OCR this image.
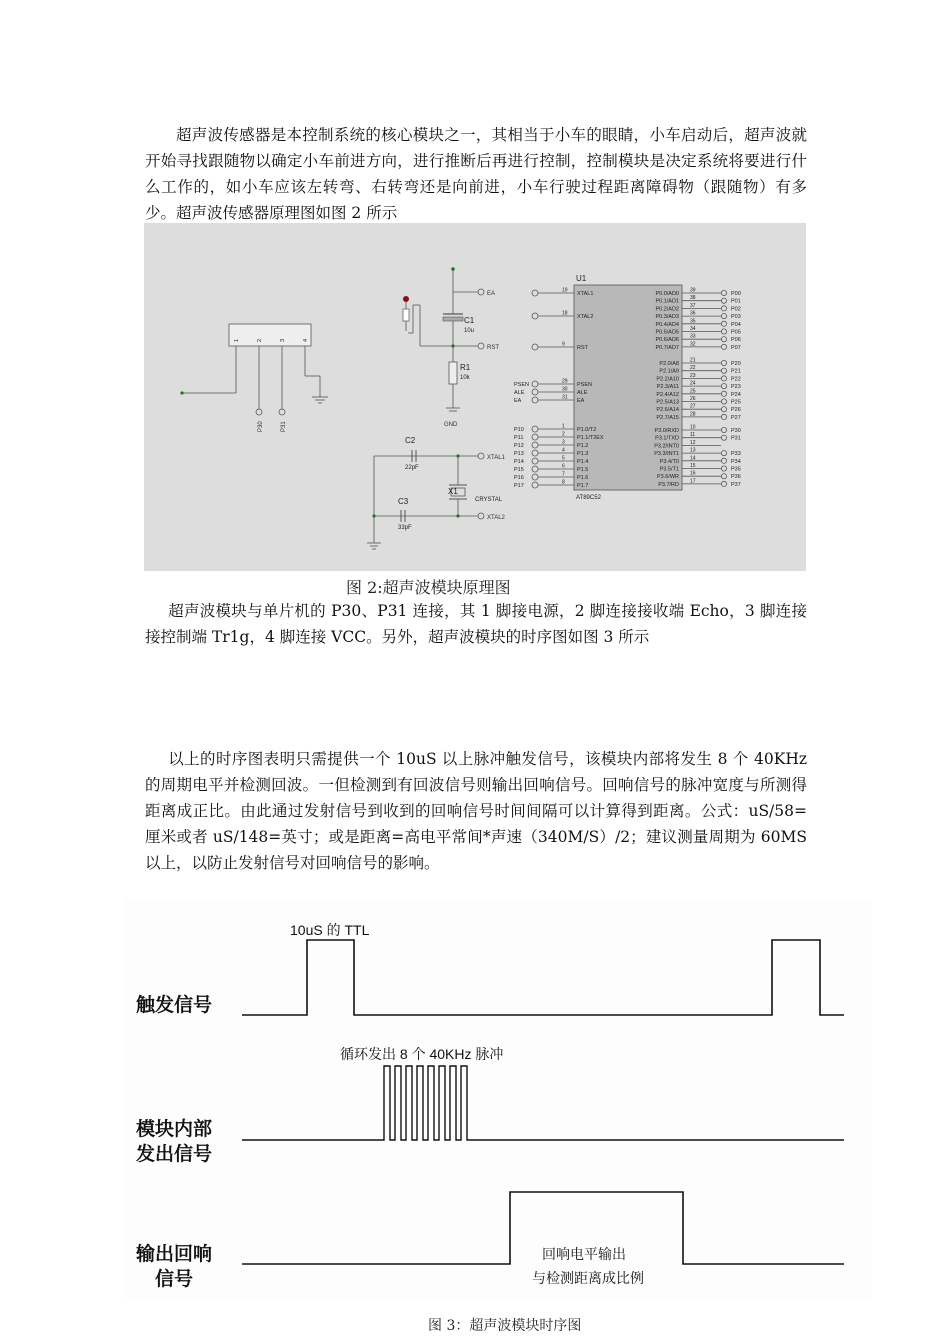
超声波传感器是本控制系统的核心模块之一，其相当于小车的眼睛，小车启动后，超声波就开始寻找跟随物以确定小车前进方向，进行推断后再进行控制，控制模块是决定系统将要进行什么工作的，如小车应该左转弯、右转弯还是向前进，小车行驶过程距离障碍物（跟随物）有多少。超声波传感器原理图如图 2 所示

1	2	3	4
P30	P31
EA
C1
10u
RST
R1
10k
GND
C2
22pF
C3
33pF
X1
CRYSTAL
XTAL1
XTAL2
U1
AT89C52
19
XTAL1
18
XTAL2
9
RST
29
PSEN
PSEN
30
ALE
ALE
31
EA
EA
1
P1.0/T2
P10
2
P1.1/T2EX
P11
3
P1.2
P12
4
P1.3
P13
5
P1.4
P14
6
P1.5
P15
7
P1.6
P16
8
P1.7
P17
P0.0/AD0
39
P00
P0.1/AD1
38
P01
P0.2/AD2
37
P02
P0.3/AD3
36
P03
P0.4/AD4
35
P04
P0.5/AD5
34
P05
P0.6/AD6
33
P06
P0.7/AD7
32
P07
P2.0/A8
21
P20
P2.1/A9
22
P21
P2.2/A10
23
P22
P2.3/A11
24
P23
P2.4/A12
25
P24
P2.5/A13
26
P25
P2.6/A14
27
P26
P2.7/A15
28
P27
P3.0/RXD
10
P30
P3.1/TXD
11
P31
P3.2/INT0
12
P3.3/INT1
13
P33
P3.4/T0
14
P34
P3.5/T1
15
P35
P3.6/WR
16
P36
P3.7/RD
17
P37
图 2:超声波模块原理图

超声波模块与单片机的 P30、P31 连接，其 1 脚接电源，2 脚连接接收端 Echo，3 脚连接接控制端 Tr1g，4 脚连接 VCC。另外，超声波模块的时序图如图 3 所示

以上的时序图表明只需提供一个 10uS 以上脉冲触发信号，该模块内部将发生 8 个 40KHz 的周期电平并检测回波。一但检测到有回波信号则输出回响信号。回响信号的脉冲宽度与所测得距离成正比。由此通过发射信号到收到的回响信号时间间隔可以计算得到距离。公式：uS/58=厘米或者 uS/148=英寸；或是距离=高电平常间*声速（340M/S）/2；建议测量周期为 60MS 以上，以防止发射信号对回响信号的影响。

触发信号
模块内部
发出信号
输出回响
信号
10uS 的 TTL
循环发出 8 个 40KHz 脉冲
回响电平输出
与检测距离成比例
图 3：超声波模块时序图
